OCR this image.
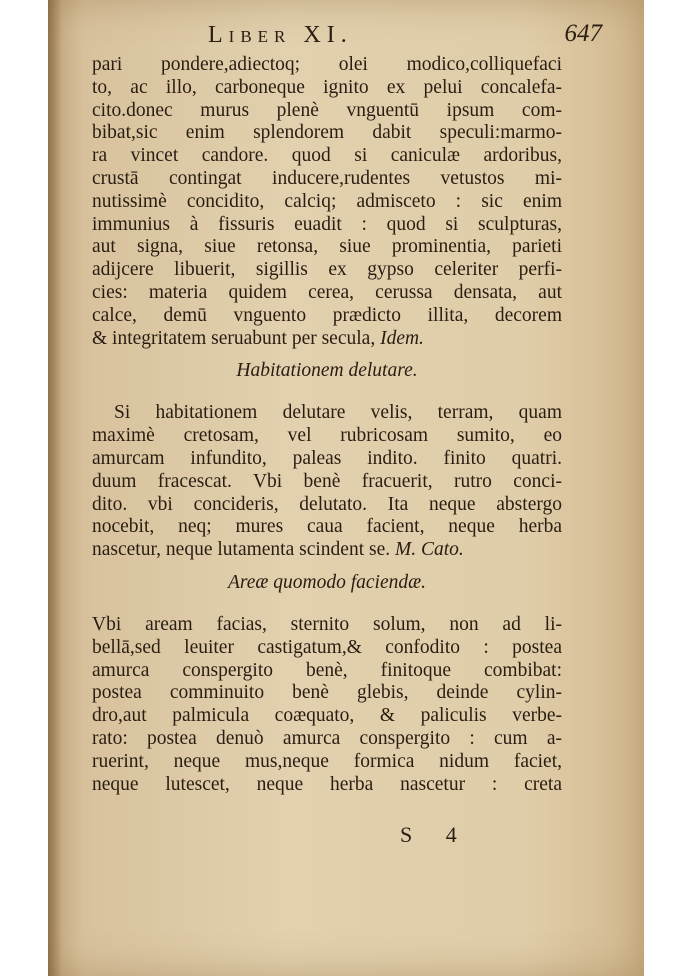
Liber XI.	647
pari pondere,adiectoq; olei modico,colliquefaci
to, ac illo, carboneque ignito ex pelui concalefa-
cito.donec murus plenè vnguentū ipsum com-
bibat,sic enim splendorem dabit speculi:marmo-
ra vincet candore. quod si caniculæ ardoribus,
crustā contingat inducere,rudentes vetustos mi-
nutissimè concidito, calciq; admisceto : sic enim
immunius à fissuris euadit : quod si sculpturas,
aut signa, siue retonsa, siue prominentia, parieti
adijcere libuerit, sigillis ex gypso celeriter perfi-
cies: materia quidem cerea, cerussa densata, aut
calce, demū vnguento prædicto illita, decorem
& integritatem seruabunt per secula, Idem.
Habitationem delutare.
Si habitationem delutare velis, terram, quam
maximè cretosam, vel rubricosam sumito, eo
amurcam infundito, paleas indito. finito quatri.
duum fracescat. Vbi benè fracuerit, rutro conci-
dito. vbi concideris, delutato. Ita neque abstergo
nocebit, neq; mures caua facient, neque herba
nascetur, neque lutamenta scindent se. M. Cato.
Areæ quomodo faciendæ.
Vbi aream facias, sternito solum, non ad li-
bellā,sed leuiter castigatum,& confodito : postea
amurca conspergito benè, finitoque combibat:
postea comminuito benè glebis, deinde cylin-
dro,aut palmicula coæquato, & paliculis verbe-
rato: postea denuò amurca conspergito : cum a-
ruerint, neque mus,neque formica nidum faciet,
neque lutescet, neque herba nascetur : creta
S 4
